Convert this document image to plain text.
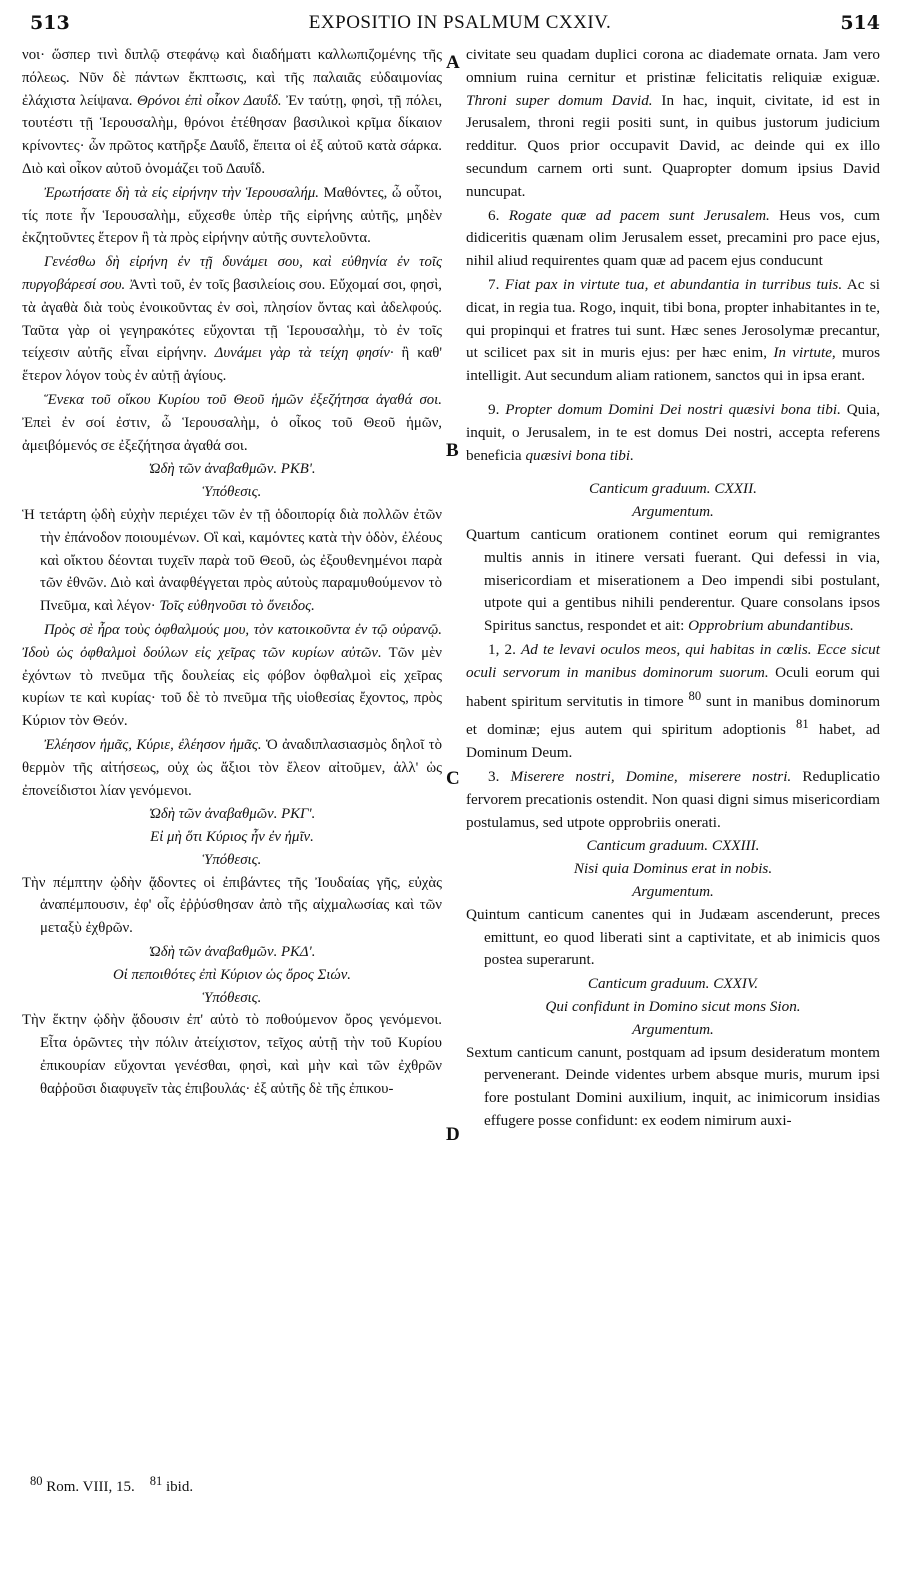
513	EXPOSITIO IN PSALMUM CXXIV.	514
A
B
C
D

νοι· ὥσπερ τινὶ διπλῷ στεφάνῳ καὶ διαδήματι καλλωπιζομένης τῆς πόλεως. Νῦν δὲ πάντων ἔκπτωσις, καὶ τῆς παλαιᾶς εὐδαιμονίας ἐλάχιστα λείψανα. Θρόνοι ἐπὶ οἶκον Δαυΐδ. Ἐν ταύτῃ, φησὶ, τῇ πόλει, τουτέστι τῇ Ἱερουσαλὴμ, θρόνοι ἐτέθησαν βασιλικοὶ κρῖμα δίκαιον κρίνοντες· ὧν πρῶτος κατῆρξε Δαυΐδ, ἔπειτα οἱ ἐξ αὐτοῦ κατὰ σάρκα. Διὸ καὶ οἶκον αὐτοῦ ὀνομάζει τοῦ Δαυΐδ.

Ἐρωτήσατε δὴ τὰ εἰς εἰρήνην τὴν Ἱερουσαλήμ. Μαθόντες, ὦ οὗτοι, τίς ποτε ἦν Ἱερουσαλὴμ, εὔχεσθε ὑπὲρ τῆς εἰρήνης αὐτῆς, μηδὲν ἐκζητοῦντες ἕτερον ἢ τὰ πρὸς εἰρήνην αὐτῆς συντελοῦντα.

Γενέσθω δὴ εἰρήνη ἐν τῇ δυνάμει σου, καὶ εὐθηνία ἐν τοῖς πυργοβάρεσί σου. Ἀντὶ τοῦ, ἐν τοῖς βασιλείοις σου. Εὔχομαί σοι, φησὶ, τὰ ἀγαθὰ διὰ τοὺς ἐνοικοῦντας ἐν σοὶ, πλησίον ὄντας καὶ ἀδελφούς. Ταῦτα γὰρ οἱ γεγηρακότες εὔχονται τῇ Ἱερουσαλὴμ, τὸ ἐν τοῖς τείχεσιν αὐτῆς εἶναι εἰρήνην. Δυνάμει γὰρ τὰ τείχη φησίν· ἢ καθ' ἕτερον λόγον τοὺς ἐν αὐτῇ ἁγίους.

Ἕνεκα τοῦ οἴκου Κυρίου τοῦ Θεοῦ ἡμῶν ἐξεζήτησα ἀγαθά σοι. Ἐπεὶ ἐν σοί ἐστιν, ὦ Ἱερουσαλὴμ, ὁ οἶκος τοῦ Θεοῦ ἡμῶν, ἀμειβόμενός σε ἐξεζήτησα ἀγαθά σοι.

Ὠδὴ τῶν ἀναβαθμῶν. ΡΚΒʹ.

Ὑπόθεσις.

Ἡ τετάρτη ᾠδὴ εὐχὴν περιέχει τῶν ἐν τῇ ὁδοιπορίᾳ διὰ πολλῶν ἐτῶν τὴν ἐπάνοδον ποιουμένων. Οἳ καὶ, καμόντες κατὰ τὴν ὁδὸν, ἐλέους καὶ οἴκτου δέονται τυχεῖν παρὰ τοῦ Θεοῦ, ὡς ἐξουθενημένοι παρὰ τῶν ἐθνῶν. Διὸ καὶ ἀναφθέγγεται πρὸς αὐτοὺς παραμυθούμενον τὸ Πνεῦμα, καὶ λέγον· Τοῖς εὐθηνοῦσι τὸ ὄνειδος.

Πρὸς σὲ ἦρα τοὺς ὀφθαλμούς μου, τὸν κατοικοῦντα ἐν τῷ οὐρανῷ. Ἰδοὺ ὡς ὀφθαλμοὶ δούλων εἰς χεῖρας τῶν κυρίων αὐτῶν. Τῶν μὲν ἐχόντων τὸ πνεῦμα τῆς δουλείας εἰς φόβον ὀφθαλμοὶ εἰς χεῖρας κυρίων τε καὶ κυρίας· τοῦ δὲ τὸ πνεῦμα τῆς υἱοθεσίας ἔχοντος, πρὸς Κύριον τὸν Θεόν.

Ἐλέησον ἡμᾶς, Κύριε, ἐλέησον ἡμᾶς. Ὁ ἀναδιπλασιασμὸς δηλοῖ τὸ θερμὸν τῆς αἰτήσεως, οὐχ ὡς ἄξιοι τὸν ἔλεον αἰτοῦμεν, ἀλλ' ὡς ἐπονείδιστοι λίαν γενόμενοι.

Ὠδὴ τῶν ἀναβαθμῶν. ΡΚΓʹ.

Εἰ μὴ ὅτι Κύριος ἦν ἐν ἡμῖν.

Ὑπόθεσις.

Τὴν πέμπτην ᾠδὴν ᾄδοντες οἱ ἐπιβάντες τῆς Ἰουδαίας γῆς, εὐχὰς ἀναπέμπουσιν, ἐφ' οἷς ἐῤῥύσθησαν ἀπὸ τῆς αἰχμαλωσίας καὶ τῶν μεταξὺ ἐχθρῶν.

Ὠδὴ τῶν ἀναβαθμῶν. ΡΚΔʹ.

Οἱ πεποιθότες ἐπὶ Κύριον ὡς ὄρος Σιών.

Ὑπόθεσις.

Τὴν ἕκτην ᾠδὴν ᾄδουσιν ἐπ' αὐτὸ τὸ ποθούμενον ὄρος γενόμενοι. Εἶτα ὁρῶντες τὴν πόλιν ἀτείχιστον, τεῖχος αὐτῇ τὴν τοῦ Κυρίου ἐπικουρίαν εὔχονται γενέσθαι, φησὶ, καὶ μὴν καὶ τῶν ἐχθρῶν θαῤῥοῦσι διαφυγεῖν τὰς ἐπιβουλάς· ἐξ αὐτῆς δὲ τῆς ἐπικου-

civitate seu quadam duplici corona ac diademate ornata. Jam vero omnium ruina cernitur et pristinæ felicitatis reliquiæ exiguæ. Throni super domum David. In hac, inquit, civitate, id est in Jerusalem, throni regii positi sunt, in quibus justorum judicium redditur. Quos prior occupavit David, ac deinde qui ex illo secundum carnem orti sunt. Quapropter domum ipsius David nuncupat.

6. Rogate quæ ad pacem sunt Jerusalem. Heus vos, cum didiceritis quænam olim Jerusalem esset, precamini pro pace ejus, nihil aliud requirentes quam quæ ad pacem ejus conducunt

7. Fiat pax in virtute tua, et abundantia in turribus tuis. Ac si dicat, in regia tua. Rogo, inquit, tibi bona, propter inhabitantes in te, qui propinqui et fratres tui sunt. Hæc senes Jerosolymæ precantur, ut scilicet pax sit in muris ejus: per hæc enim, In virtute, muros intelligit. Aut secundum aliam rationem, sanctos qui in ipsa erant.

9. Propter domum Domini Dei nostri quæsivi bona tibi. Quia, inquit, o Jerusalem, in te est domus Dei nostri, accepta referens beneficia quæsivi bona tibi.

Canticum graduum. CXXII.

Argumentum.

Quartum canticum orationem continet eorum qui remigrantes multis annis in itinere versati fuerant. Qui defessi in via, misericordiam et miserationem a Deo impendi sibi postulant, utpote qui a gentibus nihili penderentur. Quare consolans ipsos Spiritus sanctus, respondet et ait: Opprobrium abundantibus.

1, 2. Ad te levavi oculos meos, qui habitas in cœlis. Ecce sicut oculi servorum in manibus dominorum suorum. Oculi eorum qui habent spiritum servitutis in timore $^{80}$ sunt in manibus dominorum et dominæ; ejus autem qui spiritum adoptionis $^{81}$ habet, ad Dominum Deum.

3. Miserere nostri, Domine, miserere nostri. Reduplicatio fervorem precationis ostendit. Non quasi digni simus misericordiam postulamus, sed utpote opprobriis onerati.

Canticum graduum. CXXIII.

Nisi quia Dominus erat in nobis.

Argumentum.

Quintum canticum canentes qui in Judæam ascenderunt, preces emittunt, eo quod liberati sint a captivitate, et ab inimicis quos postea superarunt.

Canticum graduum. CXXIV.

Qui confidunt in Domino sicut mons Sion.

Argumentum.

Sextum canticum canunt, postquam ad ipsum desideratum montem pervenerant. Deinde videntes urbem absque muris, murum ipsi fore postulant Domini auxilium, inquit, ac inimicorum insidias effugere posse confidunt: ex eodem nimirum auxi-

$^{80}$ Rom. VIII, 15. $^{81}$ ibid.
